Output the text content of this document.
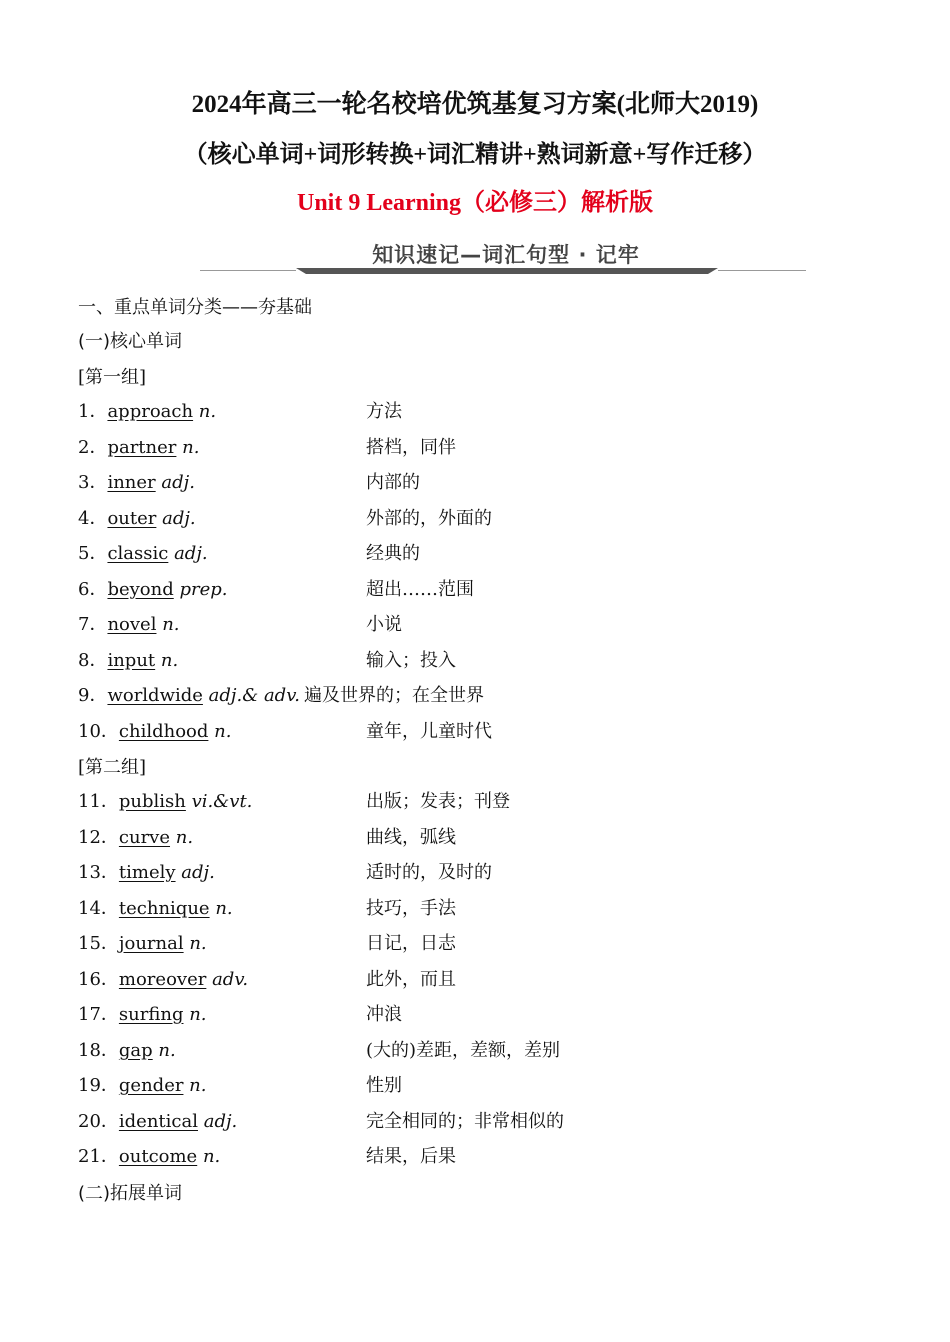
2024年高三一轮名校培优筑基复习方案(北师大2019)
（核心单词+词形转换+词汇精讲+熟词新意+写作迁移）
Unit 9 Learning（必修三）解析版
知识速记—词汇句型 · 记牢
一、重点单词分类——夯基础
(一)核心单词
[第一组]
1．approach n.	方法
2．partner n.	搭档，同伴
3．inner adj.	内部的
4．outer adj.	外部的，外面的
5．classic adj.	经典的
6．beyond prep.	超出……范围
7．novel n.	小说
8．input n.	输入；投入
9．worldwide adj.& adv. 遍及世界的；在全世界
10．childhood n.	童年，儿童时代
[第二组]
11．publish vi.&vt.	出版；发表；刊登
12．curve n.	曲线，弧线
13．timely adj.	适时的，及时的
14．technique n.	技巧，手法
15．journal n.	日记，日志
16．moreover adv.	此外，而且
17．surfing n.	冲浪
18．gap n.	(大的)差距，差额，差别
19．gender n.	性别
20．identical adj.	完全相同的；非常相似的
21．outcome n.	结果，后果
(二)拓展单词
